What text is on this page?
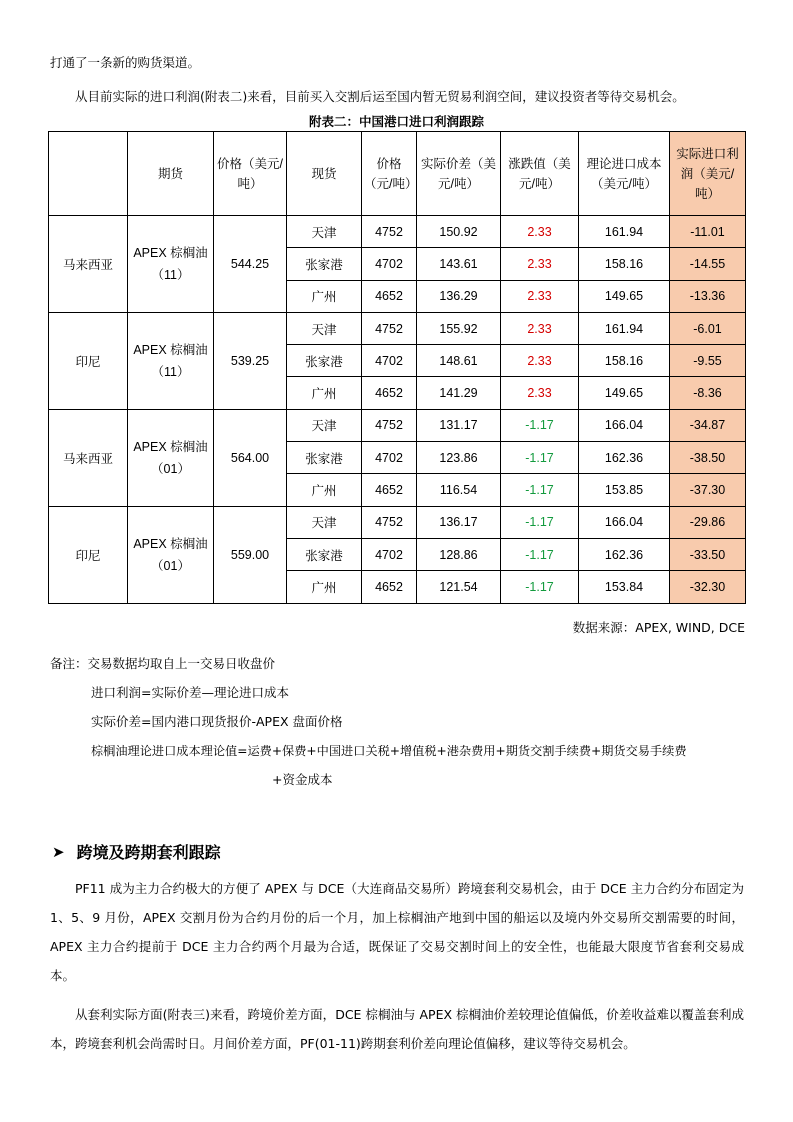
打通了一条新的购货渠道。
从目前实际的进口利润(附表二)来看，目前买入交割后运至国内暂无贸易利润空间，建议投资者等待交易机会。
附表二：中国港口进口利润跟踪
	期货	价格（美元/吨）	现货	价格（元/吨）	实际价差（美元/吨）	涨跌值（美元/吨）	理论进口成本（美元/吨）	实际进口利润（美元/吨）
马来西亚	APEX 棕榈油（11）	544.25	天津	4752	150.92	2.33	161.94	-11.01
			张家港	4702	143.61	2.33	158.16	-14.55
			广州	4652	136.29	2.33	149.65	-13.36
印尼	APEX 棕榈油（11）	539.25	天津	4752	155.92	2.33	161.94	-6.01
			张家港	4702	148.61	2.33	158.16	-9.55
			广州	4652	141.29	2.33	149.65	-8.36
马来西亚	APEX 棕榈油（01）	564.00	天津	4752	131.17	-1.17	166.04	-34.87
			张家港	4702	123.86	-1.17	162.36	-38.50
			广州	4652	116.54	-1.17	153.85	-37.30
印尼	APEX 棕榈油（01）	559.00	天津	4752	136.17	-1.17	166.04	-29.86
			张家港	4702	128.86	-1.17	162.36	-33.50
			广州	4652	121.54	-1.17	153.84	-32.30
数据来源：APEX, WIND, DCE
备注：交易数据均取自上一交易日收盘价
进口利润=实际价差—理论进口成本
实际价差=国内港口现货报价-APEX 盘面价格
棕榈油理论进口成本理论值=运费+保费+中国进口关税+增值税+港杂费用+期货交割手续费+期货交易手续费
+资金成本
➤ 跨境及跨期套利跟踪
PF11 成为主力合约极大的方便了 APEX 与 DCE（大连商品交易所）跨境套利交易机会，由于 DCE 主力合约分布固定为 1、5、9 月份，APEX 交割月份为合约月份的后一个月，加上棕榈油产地到中国的船运以及境内外交易所交割需要的时间，APEX 主力合约提前于 DCE 主力合约两个月最为合适，既保证了交易交割时间上的安全性，也能最大限度节省套利交易成本。
从套利实际方面(附表三)来看，跨境价差方面，DCE 棕榈油与 APEX 棕榈油价差较理论值偏低，价差收益难以覆盖套利成本，跨境套利机会尚需时日。月间价差方面，PF(01-11)跨期套利价差向理论值偏移，建议等待交易机会。
